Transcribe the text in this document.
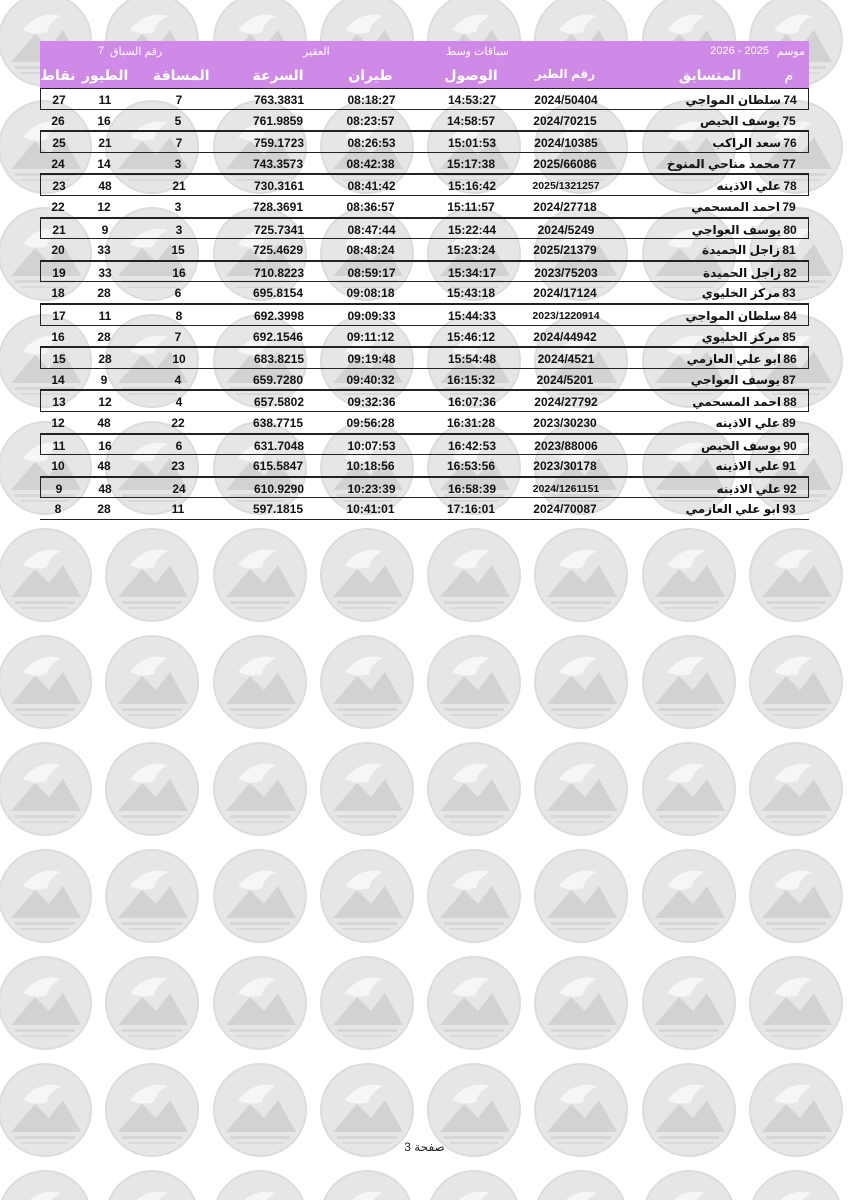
موسم
2026 - 2025
سباقات وسط
العقير
رقم السباق
7
نقاط الطيور المسافة	السرعة	طيران	الوصول	رقم الطير	المتسابق	م
27	11	7	763.3831	08:18:27	14:53:27	2024/50404	سلطان المواجي 74
26	16	5	761.9859	08:23:57	14:58:57	2024/70215	يوسف الحيص 75
25	21	7	759.1723	08:26:53	15:01:53	2024/10385	سعد الراكب 76
24	14	3	743.3573	08:42:38	15:17:38	2025/66086	محمد مناحي المنوخ 77
23	48	21	730.3161	08:41:42	15:16:42	2025/1321257	علي الاذينه 78
22	12	3	728.3691	08:36:57	15:11:57	2024/27718	احمد المسحمي 79
21	9	3	725.7341	08:47:44	15:22:44	2024/5249	يوسف العواجي 80
20	33	15	725.4629	08:48:24	15:23:24	2025/21379	زاجل الحميدة 81
19	33	16	710.8223	08:59:17	15:34:17	2023/75203	زاجل الحميدة 82
18	28	6	695.8154	09:08:18	15:43:18	2024/17124	مركز الخليوي 83
17	11	8	692.3998	09:09:33	15:44:33	2023/1220914	سلطان المواجي 84
16	28	7	692.1546	09:11:12	15:46:12	2024/44942	مركز الخليوي 85
15	28	10	683.8215	09:19:48	15:54:48	2024/4521	ابو علي العازمي 86
14	9	4	659.7280	09:40:32	16:15:32	2024/5201	يوسف العواجي 87
13	12	4	657.5802	09:32:36	16:07:36	2024/27792	احمد المسحمي 88
12	48	22	638.7715	09:56:28	16:31:28	2023/30230	علي الاذينه 89
11	16	6	631.7048	10:07:53	16:42:53	2023/88006	يوسف الحيص 90
10	48	23	615.5847	10:18:56	16:53:56	2023/30178	علي الاذينه 91
9	48	24	610.9290	10:23:39	16:58:39	2024/1261151	علي الاذينه 92
8	28	11	597.1815	10:41:01	17:16:01	2024/70087	ابو علي العازمي 93
صفحة 3
